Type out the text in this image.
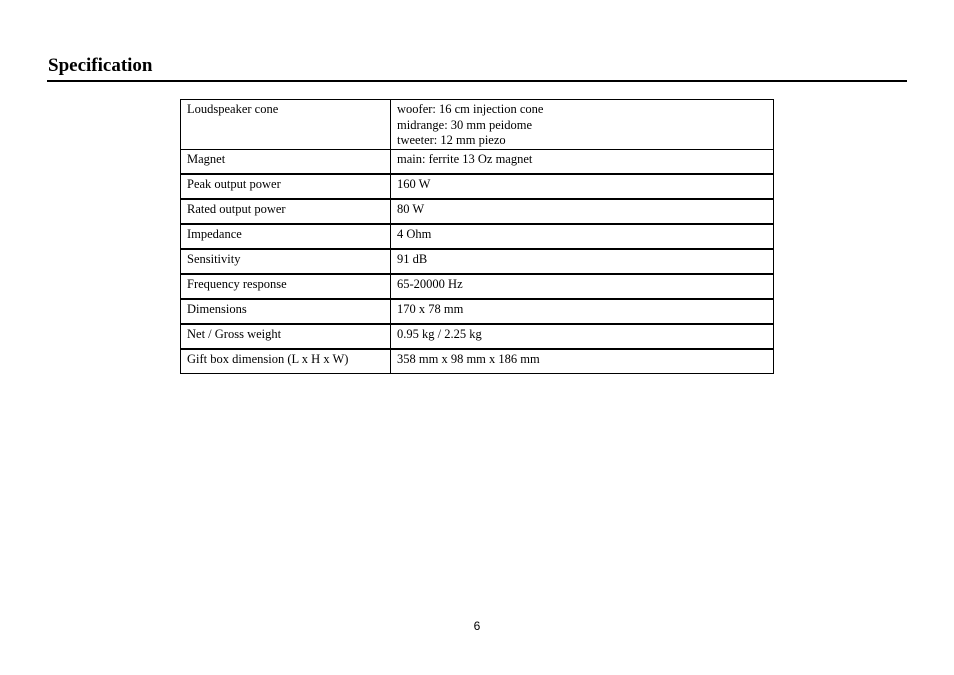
Specification
Loudspeaker cone	woofer: 16 cm injection cone
midrange: 30 mm peidome
tweeter: 12 mm piezo

Magnet	main: ferrite 13 Oz magnet
Peak output power	160 W
Rated output power	80 W
Impedance	4 Ohm
Sensitivity	91 dB
Frequency response	65-20000 Hz
Dimensions	170 x 78 mm
Net / Gross weight	0.95 kg / 2.25 kg
Gift box dimension (L x H x W)	358 mm x 98 mm x 186 mm
6
